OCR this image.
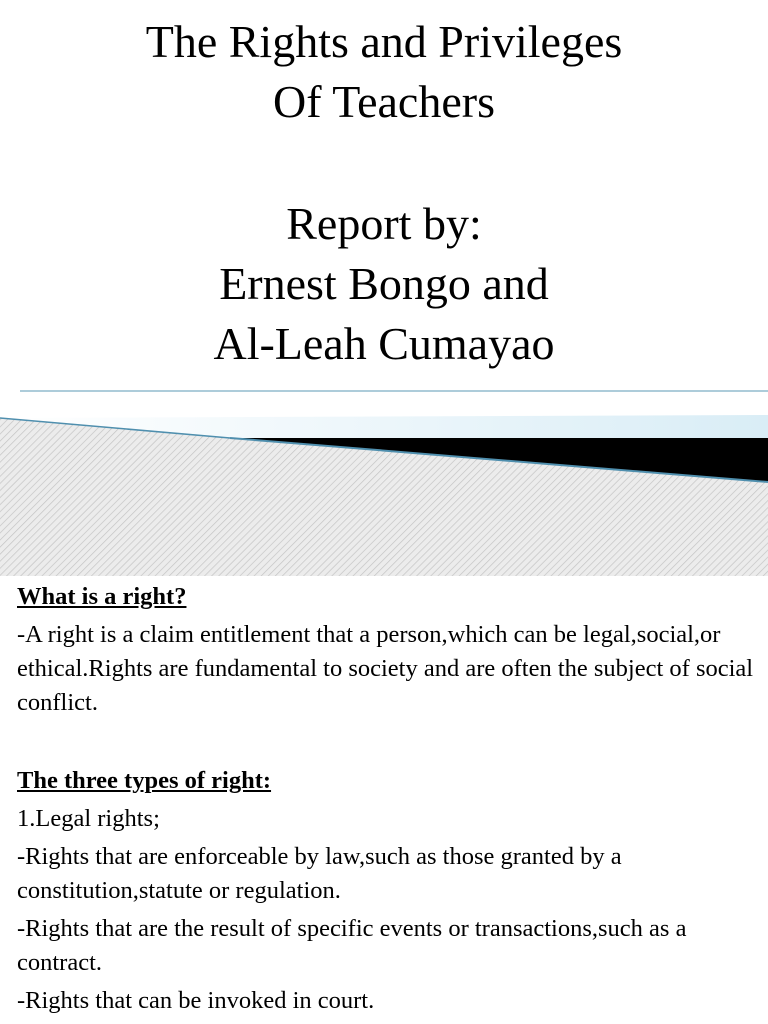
The Rights and Privileges
Of Teachers
Report by:
Ernest Bongo and
Al-Leah Cumayao

What is a right?

-A right is a claim entitlement that a person,which can be legal,social,or ethical.Rights are fundamental to society and are often the subject of social conflict.

The three types of right:

1.Legal rights;

-Rights that are enforceable by law,such as those granted by a constitution,statute or regulation.

-Rights that are the result of specific events or transactions,such as a contract.

-Rights that can be invoked in court.
